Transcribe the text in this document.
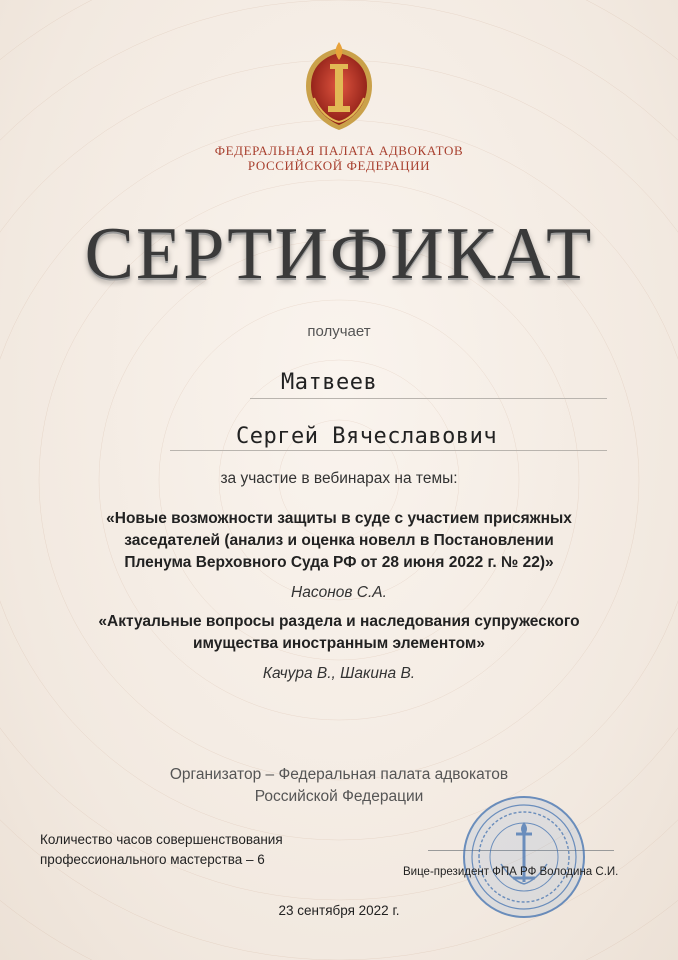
ФЕДЕРАЛЬНАЯ ПАЛАТА АДВОКАТОВ
РОССИЙСКОЙ ФЕДЕРАЦИИ
СЕРТИФИКАТ
получает
Матвеев
Сергей Вячеславович
за участие в вебинарах на темы:
«Новые возможности защиты в суде с участием присяжных
заседателей (анализ и оценка новелл в Постановлении
Пленума Верховного Суда РФ от 28 июня 2022 г. № 22)»
Насонов С.А.
«Актуальные вопросы раздела и наследования супружеского
имущества иностранным элементом»
Качура В., Шакина В.
Организатор – Федеральная палата адвокатов
Российской Федерации
Количество часов совершенствования
профессионального мастерства – 6
Вице-президент ФПА РФ Володина С.И.
23 сентября 2022 г.
